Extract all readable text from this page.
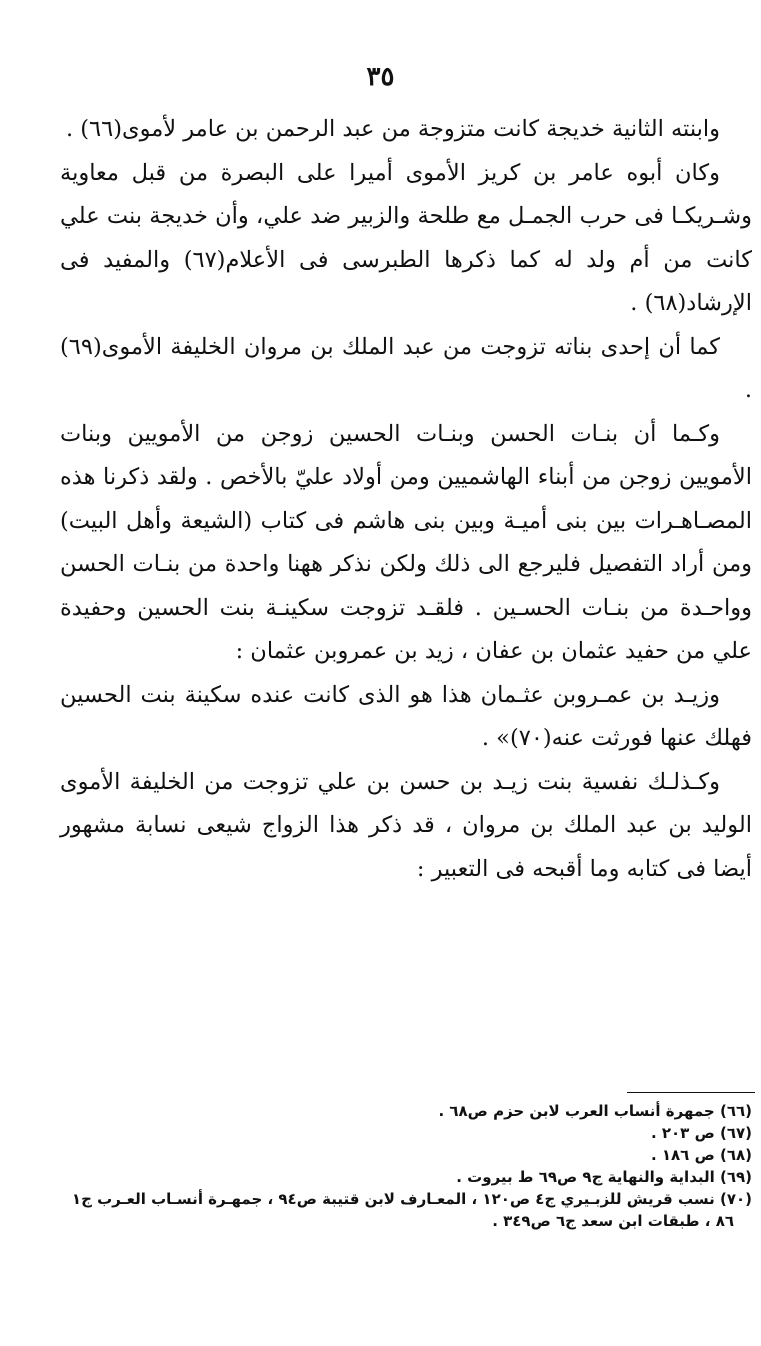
٣٥

وابنته الثانية خديجة كانت متزوجة من عبد الرحمن بن عامر لأموى(٦٦) .

وكان أبوه عامر بن كريز الأموى أميرا على البصرة من قبل معاوية وشـريكـا فى حرب الجمـل مع طلحة والزبير ضد علي، وأن خديجة بنت علي كانت من أم ولد له كما ذكرها الطبرسى فى الأعلام(٦٧) والمفيد فى الإرشاد(٦٨) .

كما أن إحدى بناته تزوجت من عبد الملك بن مروان الخليفة الأموى(٦٩) .

وكـما أن بنـات الحسن وبنـات الحسين زوجن من الأمويين وبنات الأمويين زوجن من أبناء الهاشميين ومن أولاد عليّ بالأخص . ولقد ذكرنا هذه المصـاهـرات بين بنى أميـة وبين بنى هاشم فى كتاب (الشيعة وأهل البيت) ومن أراد التفصيل فليرجع الى ذلك ولكن نذكر ههنا واحدة من بنـات الحسن وواحـدة من بنـات الحسـين . فلقـد تزوجت سكينـة بنت الحسين وحفيدة علي من حفيد عثمان بن عفان ، زيد بن عمروبن عثمان :

وزيـد بن عمـروبن عثـمان هذا هو الذى كانت عنده سكينة بنت الحسين فهلك عنها فورثت عنه(٧٠)» .

وكـذلـك نفسية بنت زيـد بن حسن بن علي تزوجت من الخليفة الأموى الوليد بن عبد الملك بن مروان ، قد ذكر هذا الزواج شيعى نسابة مشهور أيضا فى كتابه وما أقبحه فى التعبير :

(٦٦) جمهرة أنساب العرب لابن حزم ص٦٨ .

(٦٧) ص ٢٠٣ .

(٦٨) ص ١٨٦ .

(٦٩) البداية والنهاية ج٩ ص٦٩ ط بيروت .

(٧٠) نسب قريش للزبـيري ج٤ ص١٢٠ ، المعـارف لابن قتيبة ص٩٤ ، جمهـرة أنسـاب العـرب ج١

٨٦ ، طبقات ابن سعد ج٦ ص٣٤٩ .
